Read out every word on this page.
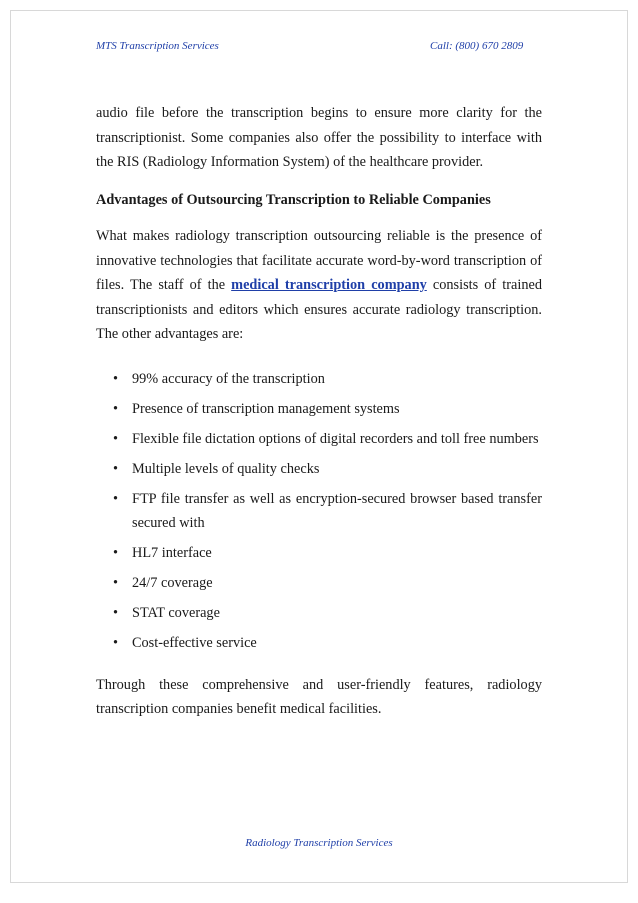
MTS Transcription Services	Call: (800) 670 2809

audio file before the transcription begins to ensure more clarity for the transcriptionist. Some companies also offer the possibility to interface with the RIS (Radiology Information System) of the healthcare provider.

Advantages of Outsourcing Transcription to Reliable Companies

What makes radiology transcription outsourcing reliable is the presence of innovative technologies that facilitate accurate word-by-word transcription of files. The staff of the medical transcription company consists of trained transcriptionists and editors which ensures accurate radiology transcription. The other advantages are:

• 99% accuracy of the transcription
• Presence of transcription management systems
• Flexible file dictation options of digital recorders and toll free numbers
• Multiple levels of quality checks
• FTP file transfer as well as encryption-secured browser based transfer secured with
• HL7 interface
• 24/7 coverage
• STAT coverage
• Cost-effective service

Through these comprehensive and user-friendly features, radiology transcription companies benefit medical facilities.

Radiology Transcription Services
